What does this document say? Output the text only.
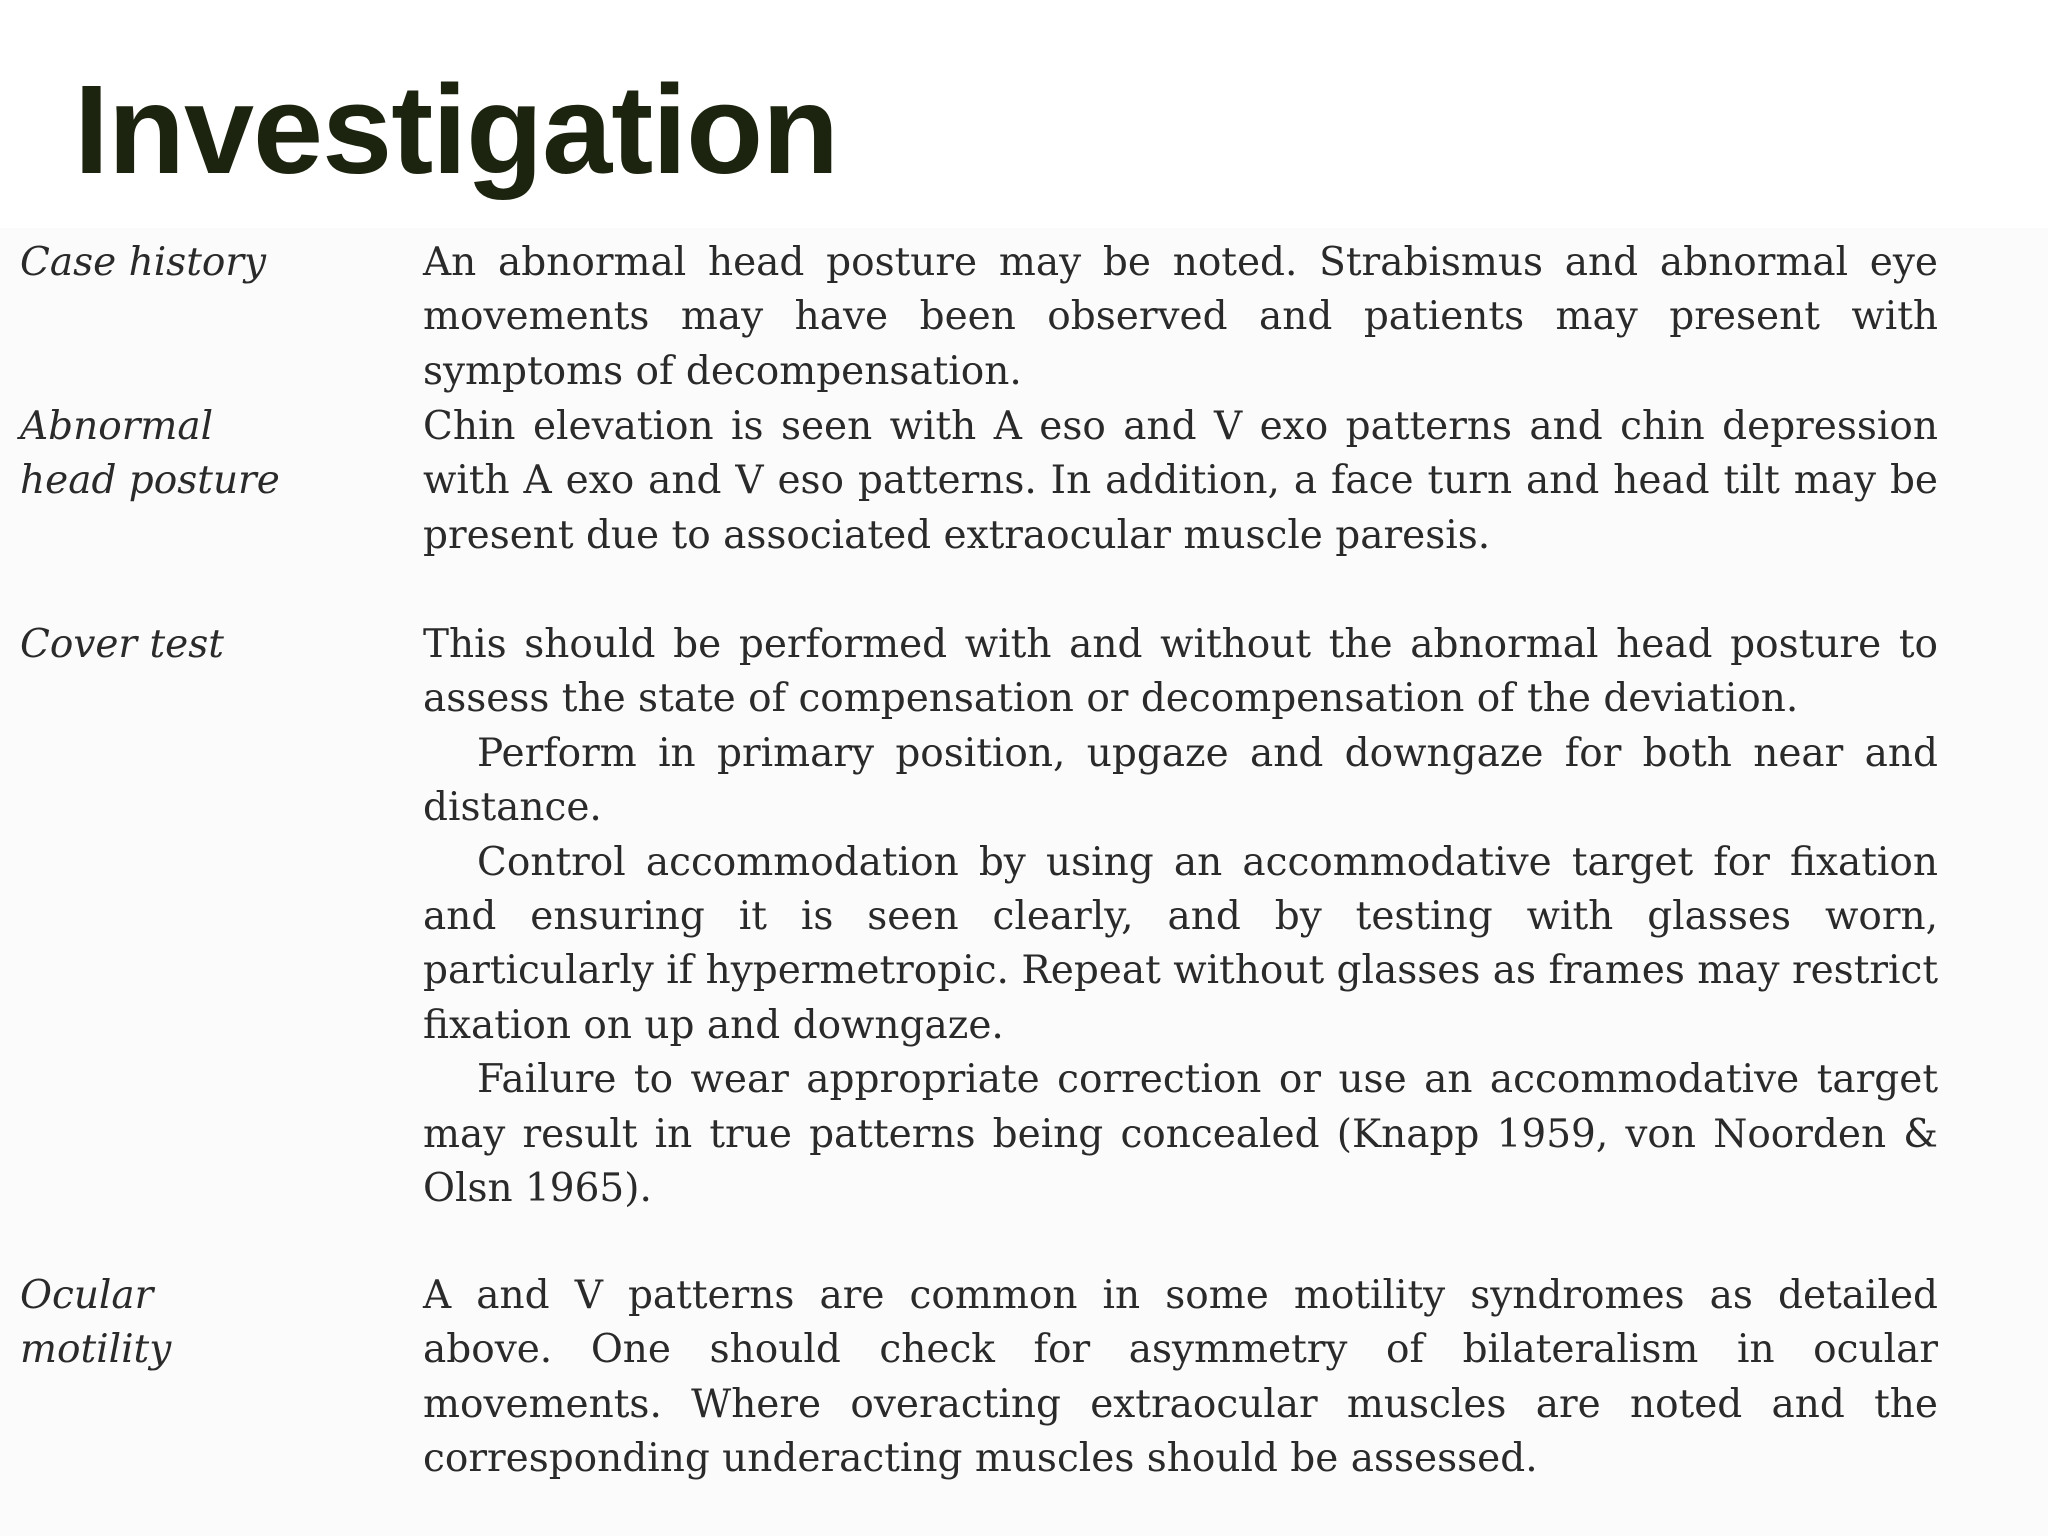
Investigation
Case history	An abnormal head posture may be noted. Strabismus and abnormal eye movements may have been observed and patients may present with symptoms of decompensation.

Abnormal
head posture

Chin elevation is seen with A eso and V exo patterns and chin depression with A exo and V eso patterns. In addition, a face turn and head tilt may be present due to associated extraocular muscle paresis.

Cover test	This should be performed with and without the abnormal head posture to assess the state of compensation or decompensation of the deviation.

Perform in primary position, upgaze and downgaze for both near and distance.

Control accommodation by using an accommodative target for fixation and ensuring it is seen clearly, and by testing with glasses worn, particularly if hypermetropic. Repeat without glasses as frames may restrict fixation on up and downgaze.

Failure to wear appropriate correction or use an accommodative target may result in true patterns being concealed (Knapp 1959, von Noorden & Olsn 1965).

Ocular
motility

A and V patterns are common in some motility syndromes as detailed above. One should check for asymmetry of bilateralism in ocular movements. Where overacting extraocular muscles are noted and the corresponding underacting muscles should be assessed.
